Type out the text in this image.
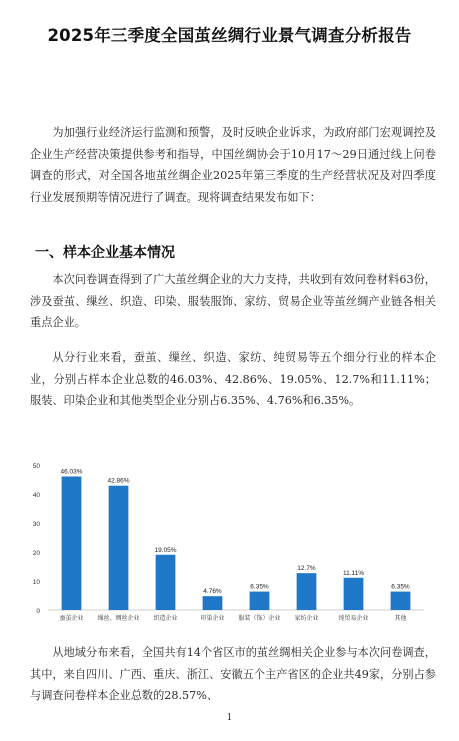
2025年三季度全国茧丝绸行业景气调查分析报告

为加强行业经济运行监测和预警，及时反映企业诉求，为政府部门宏观调控及企业生产经营决策提供参考和指导，中国丝绸协会于10月17～29日通过线上问卷调查的形式，对全国各地茧丝绸企业2025年第三季度的生产经营状况及对四季度行业发展预期等情况进行了调查。现将调查结果发布如下：

一、样本企业基本情况

本次问卷调查得到了广大茧丝绸企业的大力支持，共收到有效问卷材料63份，涉及蚕茧、缫丝、织造、印染、服装服饰、家纺、贸易企业等茧丝绸产业链各相关重点企业。

从分行业来看，蚕茧、缫丝、织造、家纺、纯贸易等五个细分行业的样本企业，分别占样本企业总数的46.03%、42.86%、19.05%、12.7%和11.11%；服装、印染企业和其他类型企业分别占6.35%、4.76%和6.35%。

0
10
20
30
40
50
46.03%
蚕茧企业
42.86%
缫丝、绸丝企业
19.05%
织造企业
4.76%
印染企业
6.35%
服装（饰）企业
12.7%
家纺企业
11.11%
纯贸易企业
6.35%
其他

从地域分布来看，全国共有14个省区市的茧丝绸相关企业参与本次问卷调查，其中，来自四川、广西、重庆、浙江、安徽五个主产省区的企业共49家，分别占参与调查问卷样本企业总数的28.57%、

1
